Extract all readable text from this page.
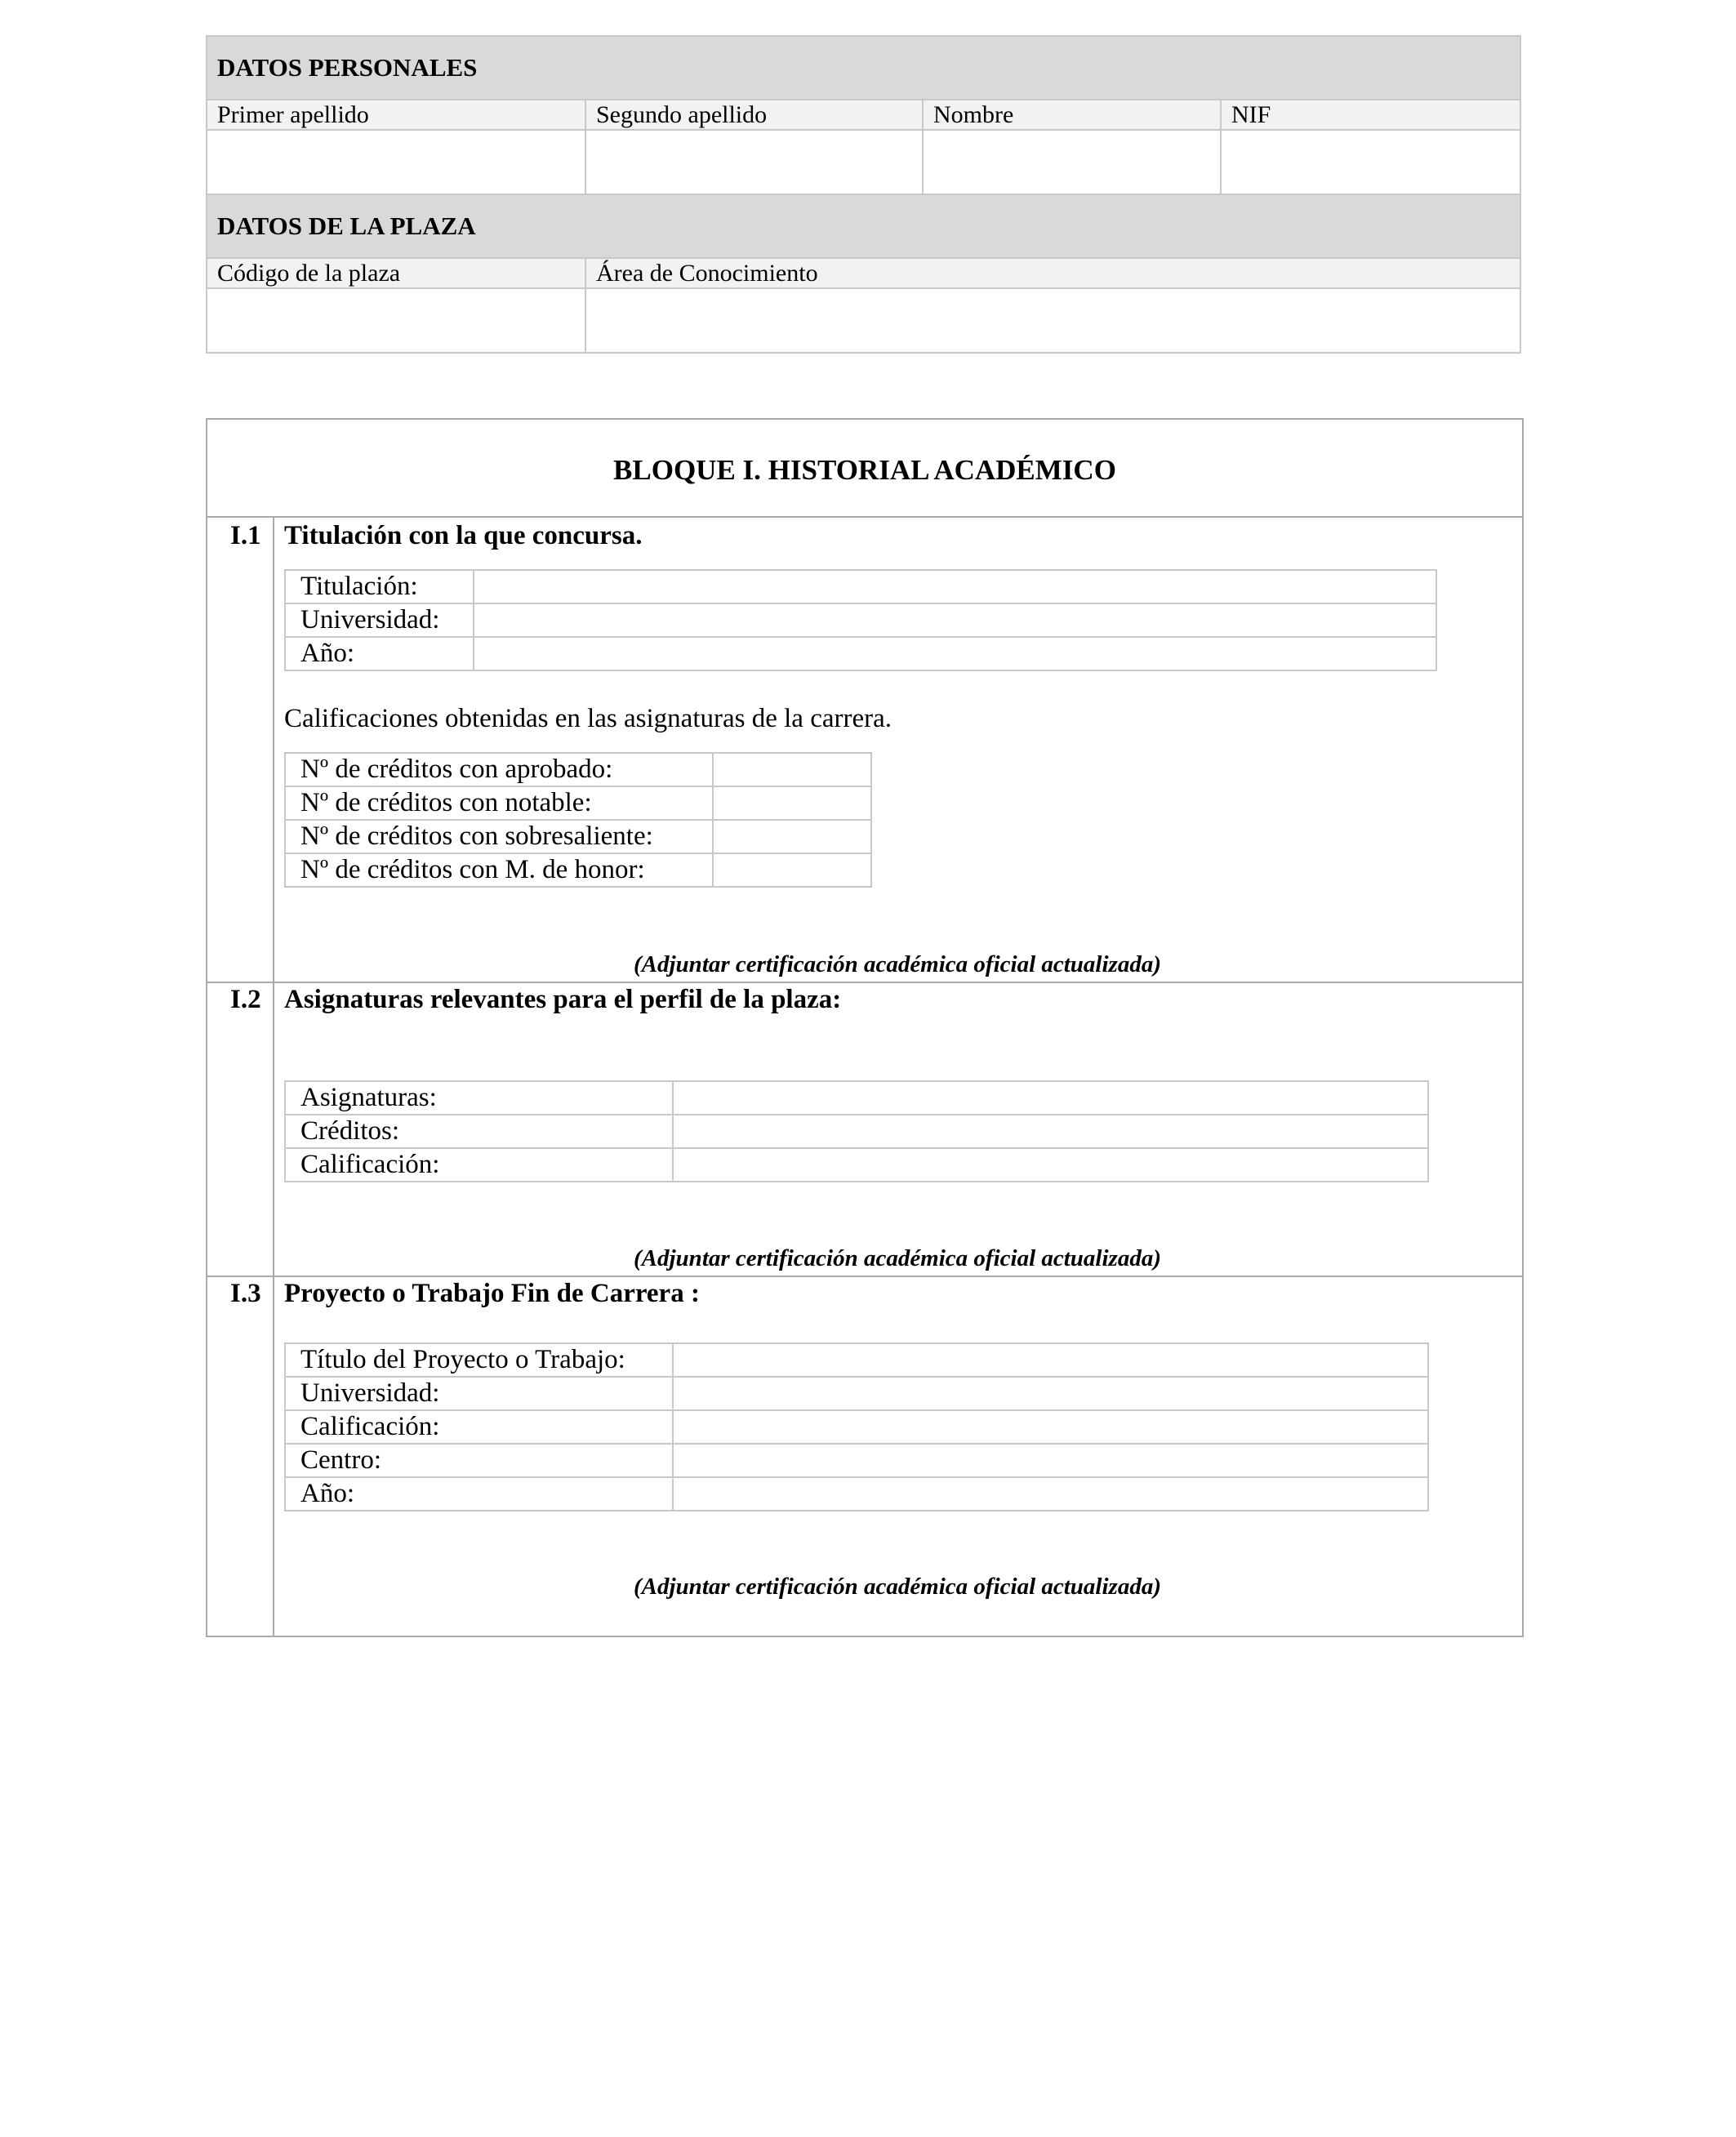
DATOS PERSONALES			
Primer apellido	Segundo apellido	Nombre	NIF

DATOS DE LA PLAZA			
Código de la plaza	Área de Conocimiento		

BLOQUE I. HISTORIAL ACADÉMICO
I.1 Titulación con la que concursa.
Titulación:	
Universidad:	
Año:	
Calificaciones obtenidas en las asignaturas de la carrera.
Nº de créditos con aprobado:	
Nº de créditos con notable:	
Nº de créditos con sobresaliente:	
Nº de créditos con M. de honor:	
(Adjuntar certificación académica oficial actualizada)
I.2 Asignaturas relevantes para el perfil de la plaza:
Asignaturas:	
Créditos:	
Calificación:	
(Adjuntar certificación académica oficial actualizada)
I.3 Proyecto o Trabajo Fin de Carrera :
Título del Proyecto o Trabajo:	
Universidad:	
Calificación:	
Centro:	
Año:	
(Adjuntar certificación académica oficial actualizada)
